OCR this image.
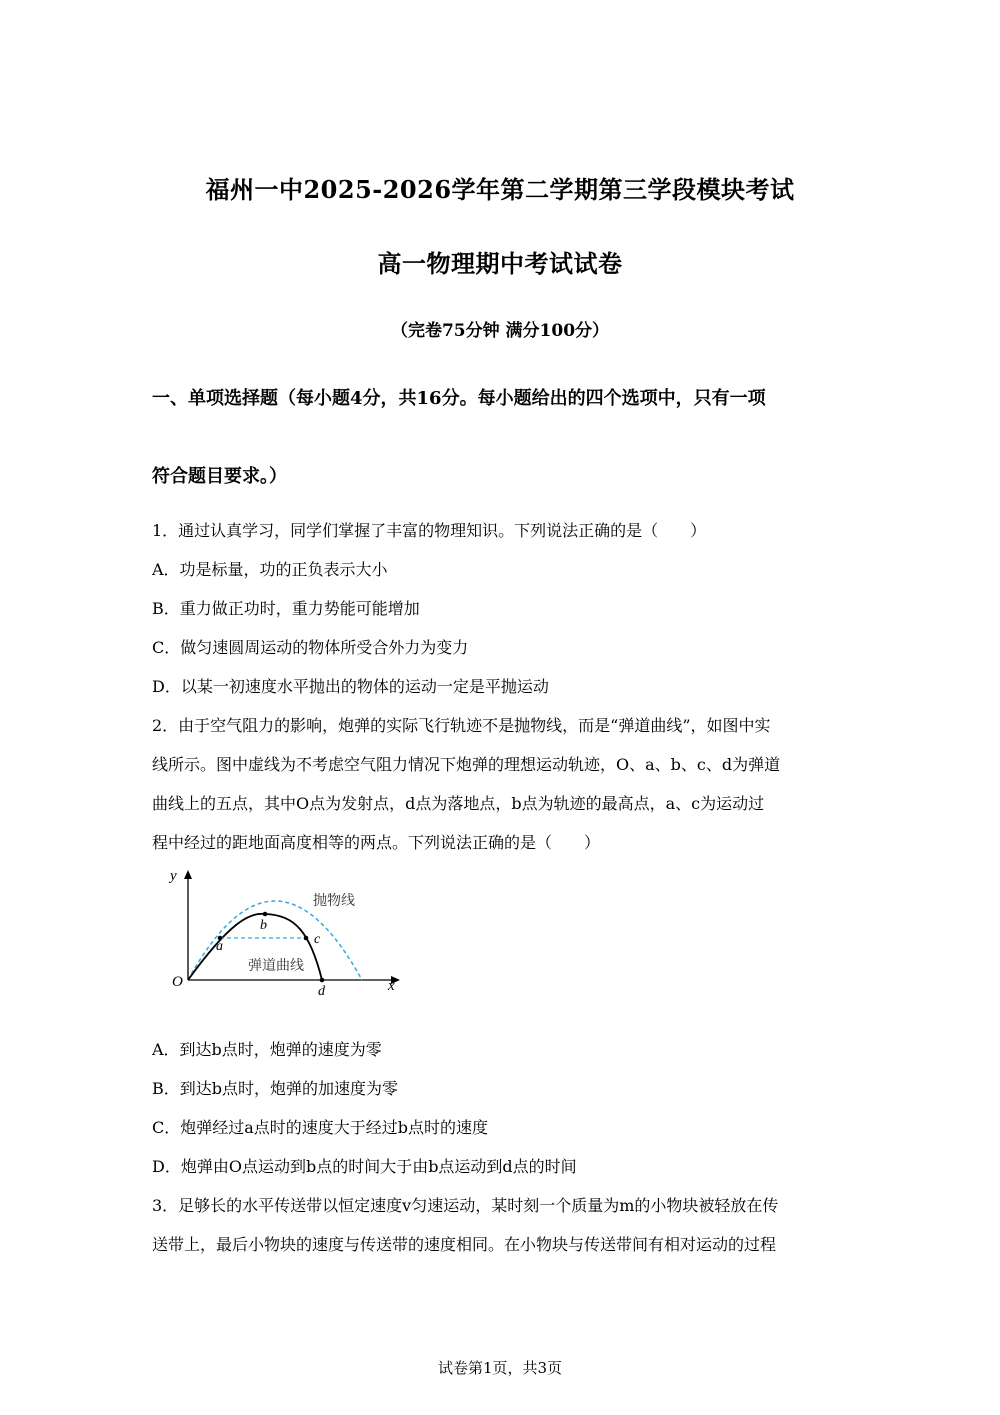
福州一中2025-2026学年第二学期第三学段模块考试
高一物理期中考试试卷
（完卷75分钟 满分100分）
一、单项选择题（每小题4分，共16分。每小题给出的四个选项中，只有一项
符合题目要求。）
1．通过认真学习，同学们掌握了丰富的物理知识。下列说法正确的是（　　）
A．功是标量，功的正负表示大小
B．重力做正功时，重力势能可能增加
C．做匀速圆周运动的物体所受合外力为变力
D．以某一初速度水平抛出的物体的运动一定是平抛运动
2．由于空气阻力的影响，炮弹的实际飞行轨迹不是抛物线，而是“弹道曲线”，如图中实
线所示。图中虚线为不考虑空气阻力情况下炮弹的理想运动轨迹，O、a、b、c、d为弹道
曲线上的五点，其中O点为发射点，d点为落地点，b点为轨迹的最高点，a、c为运动过
程中经过的距地面高度相等的两点。下列说法正确的是（　　）
y
x
O
a
b
c
d
抛物线
弹道曲线
A．到达b点时，炮弹的速度为零
B．到达b点时，炮弹的加速度为零
C．炮弹经过a点时的速度大于经过b点时的速度
D．炮弹由O点运动到b点的时间大于由b点运动到d点的时间
3．足够长的水平传送带以恒定速度v匀速运动，某时刻一个质量为m的小物块被轻放在传
送带上，最后小物块的速度与传送带的速度相同。在小物块与传送带间有相对运动的过程
试卷第1页，共3页
